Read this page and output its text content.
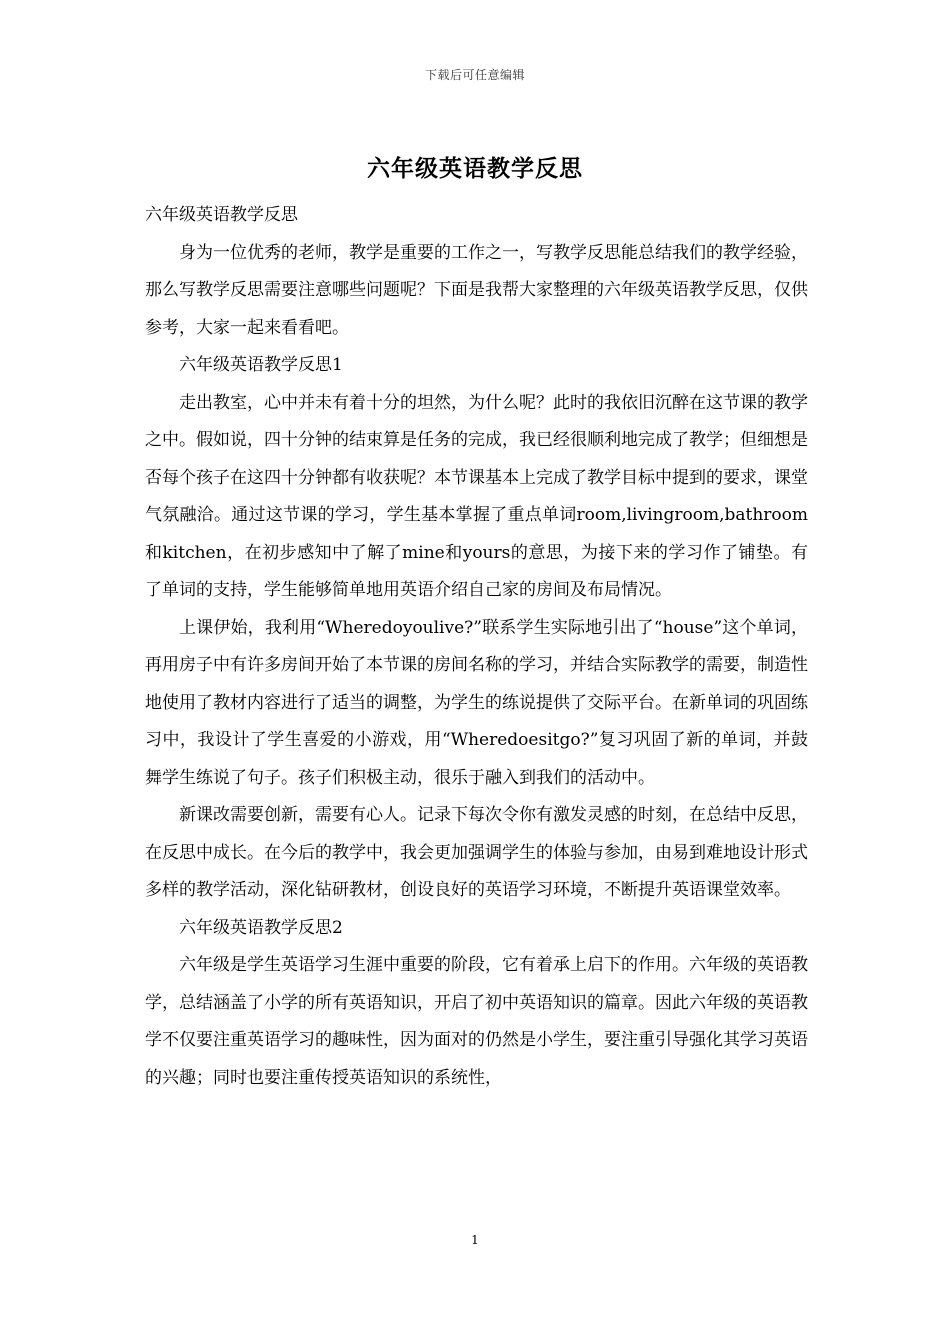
下载后可任意编辑
六年级英语教学反思

六年级英语教学反思

身为一位优秀的老师，教学是重要的工作之一，写教学反思能总结我们的教学经验，那么写教学反思需要注意哪些问题呢？下面是我帮大家整理的六年级英语教学反思，仅供参考，大家一起来看看吧。

六年级英语教学反思1

走出教室，心中并未有着十分的坦然，为什么呢？此时的我依旧沉醉在这节课的教学之中。假如说，四十分钟的结束算是任务的完成，我已经很顺利地完成了教学；但细想是否每个孩子在这四十分钟都有收获呢？本节课基本上完成了教学目标中提到的要求，课堂气氛融洽。通过这节课的学习，学生基本掌握了重点单词room,livingroom,bathroom和kitchen，在初步感知中了解了mine和yours的意思，为接下来的学习作了铺垫。有了单词的支持，学生能够简单地用英语介绍自己家的房间及布局情况。

上课伊始，我利用“Wheredoyoulive?”联系学生实际地引出了“house”这个单词，再用房子中有许多房间开始了本节课的房间名称的学习，并结合实际教学的需要，制造性地使用了教材内容进行了适当的调整，为学生的练说提供了交际平台。在新单词的巩固练习中，我设计了学生喜爱的小游戏，用“Wheredoesitgo?”复习巩固了新的单词，并鼓舞学生练说了句子。孩子们积极主动，很乐于融入到我们的活动中。

新课改需要创新，需要有心人。记录下每次令你有激发灵感的时刻，在总结中反思，在反思中成长。在今后的教学中，我会更加强调学生的体验与参加，由易到难地设计形式多样的教学活动，深化钻研教材，创设良好的英语学习环境，不断提升英语课堂效率。

六年级英语教学反思2

六年级是学生英语学习生涯中重要的阶段，它有着承上启下的作用。六年级的英语教学，总结涵盖了小学的所有英语知识，开启了初中英语知识的篇章。因此六年级的英语教学不仅要注重英语学习的趣味性，因为面对的仍然是小学生，要注重引导强化其学习英语的兴趣；同时也要注重传授英语知识的系统性，

1
